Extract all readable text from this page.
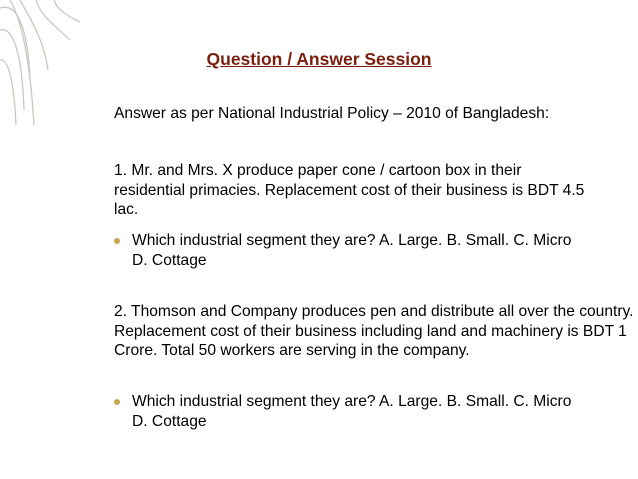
Question / Answer Session
Answer as per National Industrial Policy – 2010 of Bangladesh:
1. Mr. and Mrs. X produce paper cone / cartoon box in their residential primacies. Replacement cost of their business is BDT 4.5 lac.
Which industrial segment they are? A. Large. B. Small. C. Micro D. Cottage
2. Thomson and Company produces pen and distribute all over the country. Replacement cost of their business including land and machinery is BDT 1 Crore. Total 50 workers are serving in the company.
Which industrial segment they are? A. Large. B. Small. C. Micro D. Cottage
